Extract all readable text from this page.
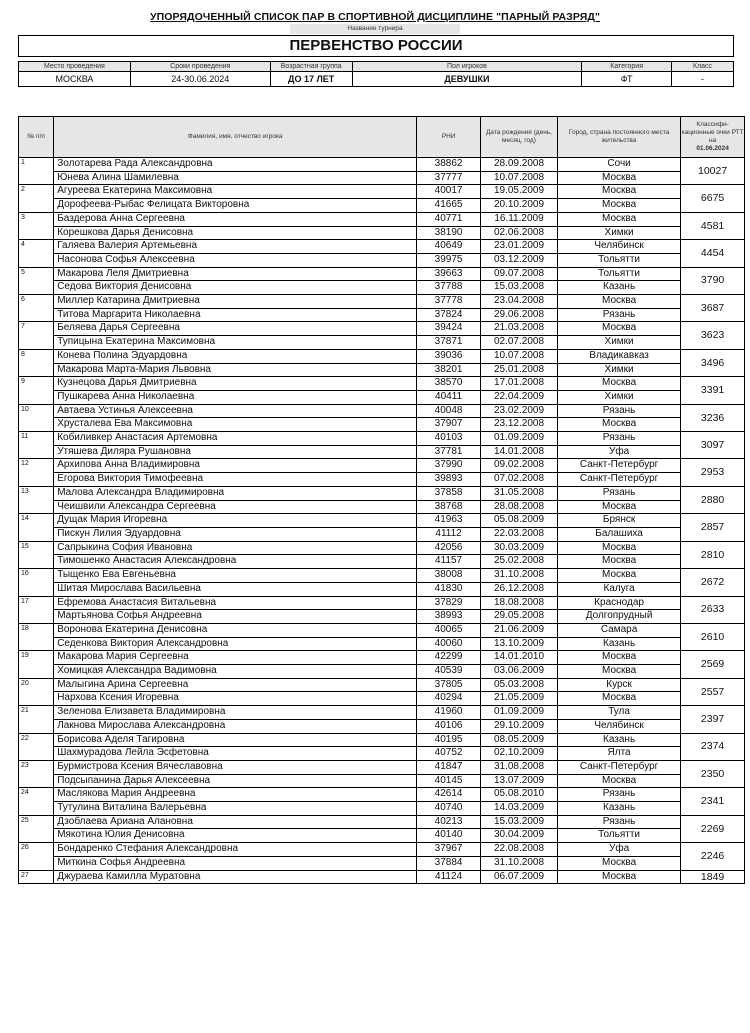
УПОРЯДОЧЕННЫЙ СПИСОК ПАР В СПОРТИВНОЙ ДИСЦИПЛИНЕ "ПАРНЫЙ РАЗРЯД"
Название турнира
ПЕРВЕНСТВО РОССИИ
Место проведения	Сроки проведения	Возрастная группа	Пол игроков	Категория	Класс
МОСКВА	24-30.06.2024	ДО 17 ЛЕТ	ДЕВУШКИ	ФТ	-
№ п/п	Фамилия, имя, отчество игрока	РНИ	Дата рождения (день, месяц, год)	Город, страна постоянного места жительства	Классифи-кационные очки РТТ на
01.06.2024
1	Золотарева Рада Александровна	38862	28.09.2008	Сочи	10027
	Юнева Алина Шамилевна	37777	10.07.2008	Москва	
2	Агуреева Екатерина Максимовна	40017	19.05.2009	Москва	6675
	Дорофеева-Рыбас Фелицата Викторовна	41665	20.10.2009	Москва	
3	Баздерова Анна Сергеевна	40771	16.11.2009	Москва	4581
	Корешкова Дарья Денисовна	38190	02.06.2008	Химки	
4	Галяева Валерия Артемьевна	40649	23.01.2009	Челябинск	4454
	Насонова Софья Алексеевна	39975	03.12.2009	Тольятти	
5	Макарова Леля Дмитриевна	39663	09.07.2008	Тольятти	3790
	Седова Виктория Денисовна	37788	15.03.2008	Казань	
6	Миллер Катарина Дмитриевна	37778	23.04.2008	Москва	3687
	Титова Маргарита Николаевна	37824	29.06.2008	Рязань	
7	Беляева Дарья Сергеевна	39424	21.03.2008	Москва	3623
	Тупицына Екатерина Максимовна	37871	02.07.2008	Химки	
8	Конева Полина Эдуардовна	39036	10.07.2008	Владикавказ	3496
	Макарова Марта-Мария Львовна	38201	25.01.2008	Химки	
9	Кузнецова Дарья Дмитриевна	38570	17.01.2008	Москва	3391
	Пушкарева Анна Николаевна	40411	22.04.2009	Химки	
10	Автаева Устинья Алексеевна	40048	23.02.2009	Рязань	3236
	Хрусталева Ева Максимовна	37907	23.12.2008	Москва	
11	Кобиливкер Анастасия Артемовна	40103	01.09.2009	Рязань	3097
	Утяшева Диляра Рушановна	37781	14.01.2008	Уфа	
12	Архипова Анна Владимировна	37990	09.02.2008	Санкт-Петербург	2953
	Егорова Виктория Тимофеевна	39893	07.02.2008	Санкт-Петербург	
13	Малова Александра Владимировна	37858	31.05.2008	Рязань	2880
	Чеишвили Александра Сергеевна	38768	28.08.2008	Москва	
14	Дущак Мария Игоревна	41963	05.08.2009	Брянск	2857
	Пискун Лилия Эдуардовна	41112	22.03.2008	Балашиха	
15	Сапрыкина София Ивановна	42056	30.03.2009	Москва	2810
	Тимошенко Анастасия Александровна	41157	25.02.2008	Москва	
16	Тыщенко Ева Евгеньевна	38008	31.10.2008	Москва	2672
	Шитая Мирослава Васильевна	41830	26.12.2008	Калуга	
17	Ефремова Анастасия Витальевна	37829	18.08.2008	Краснодар	2633
	Мартьянова Софья Андреевна	38993	29.05.2008	Долгопрудный	
18	Воронова Екатерина Денисовна	40065	21.06.2009	Самара	2610
	Седенкова Виктория Александровна	40060	13.10.2009	Казань	
19	Макарова Мария Сергеевна	42299	14.01.2010	Москва	2569
	Хомицкая Александра Вадимовна	40539	03.06.2009	Москва	
20	Малыгина Арина Сергеевна	37805	05.03.2008	Курск	2557
	Нархова Ксения Игоревна	40294	21.05.2009	Москва	
21	Зеленова Елизавета Владимировна	41960	01.09.2009	Тула	2397
	Лакнова Мирослава Александровна	40106	29.10.2009	Челябинск	
22	Борисова Аделя Тагировна	40195	08.05.2009	Казань	2374
	Шахмурадова Лейла Эсфетовна	40752	02.10.2009	Ялта	
23	Бурмистрова Ксения Вячеславовна	41847	31.08.2008	Санкт-Петербург	2350
	Подсыпанина Дарья Алексеевна	40145	13.07.2009	Москва	
24	Маслякова Мария Андреевна	42614	05.08.2010	Рязань	2341
	Тутулина Виталина Валерьевна	40740	14.03.2009	Казань	
25	Дзоблаева Ариана Алановна	40213	15.03.2009	Рязань	2269
	Мякотина Юлия Денисовна	40140	30.04.2009	Тольятти	
26	Бондаренко Стефания Александровна	37967	22.08.2008	Уфа	2246
	Миткина Софья Андреевна	37884	31.10.2008	Москва	
27	Джураева Камилла Муратовна	41124	06.07.2009	Москва	1849
